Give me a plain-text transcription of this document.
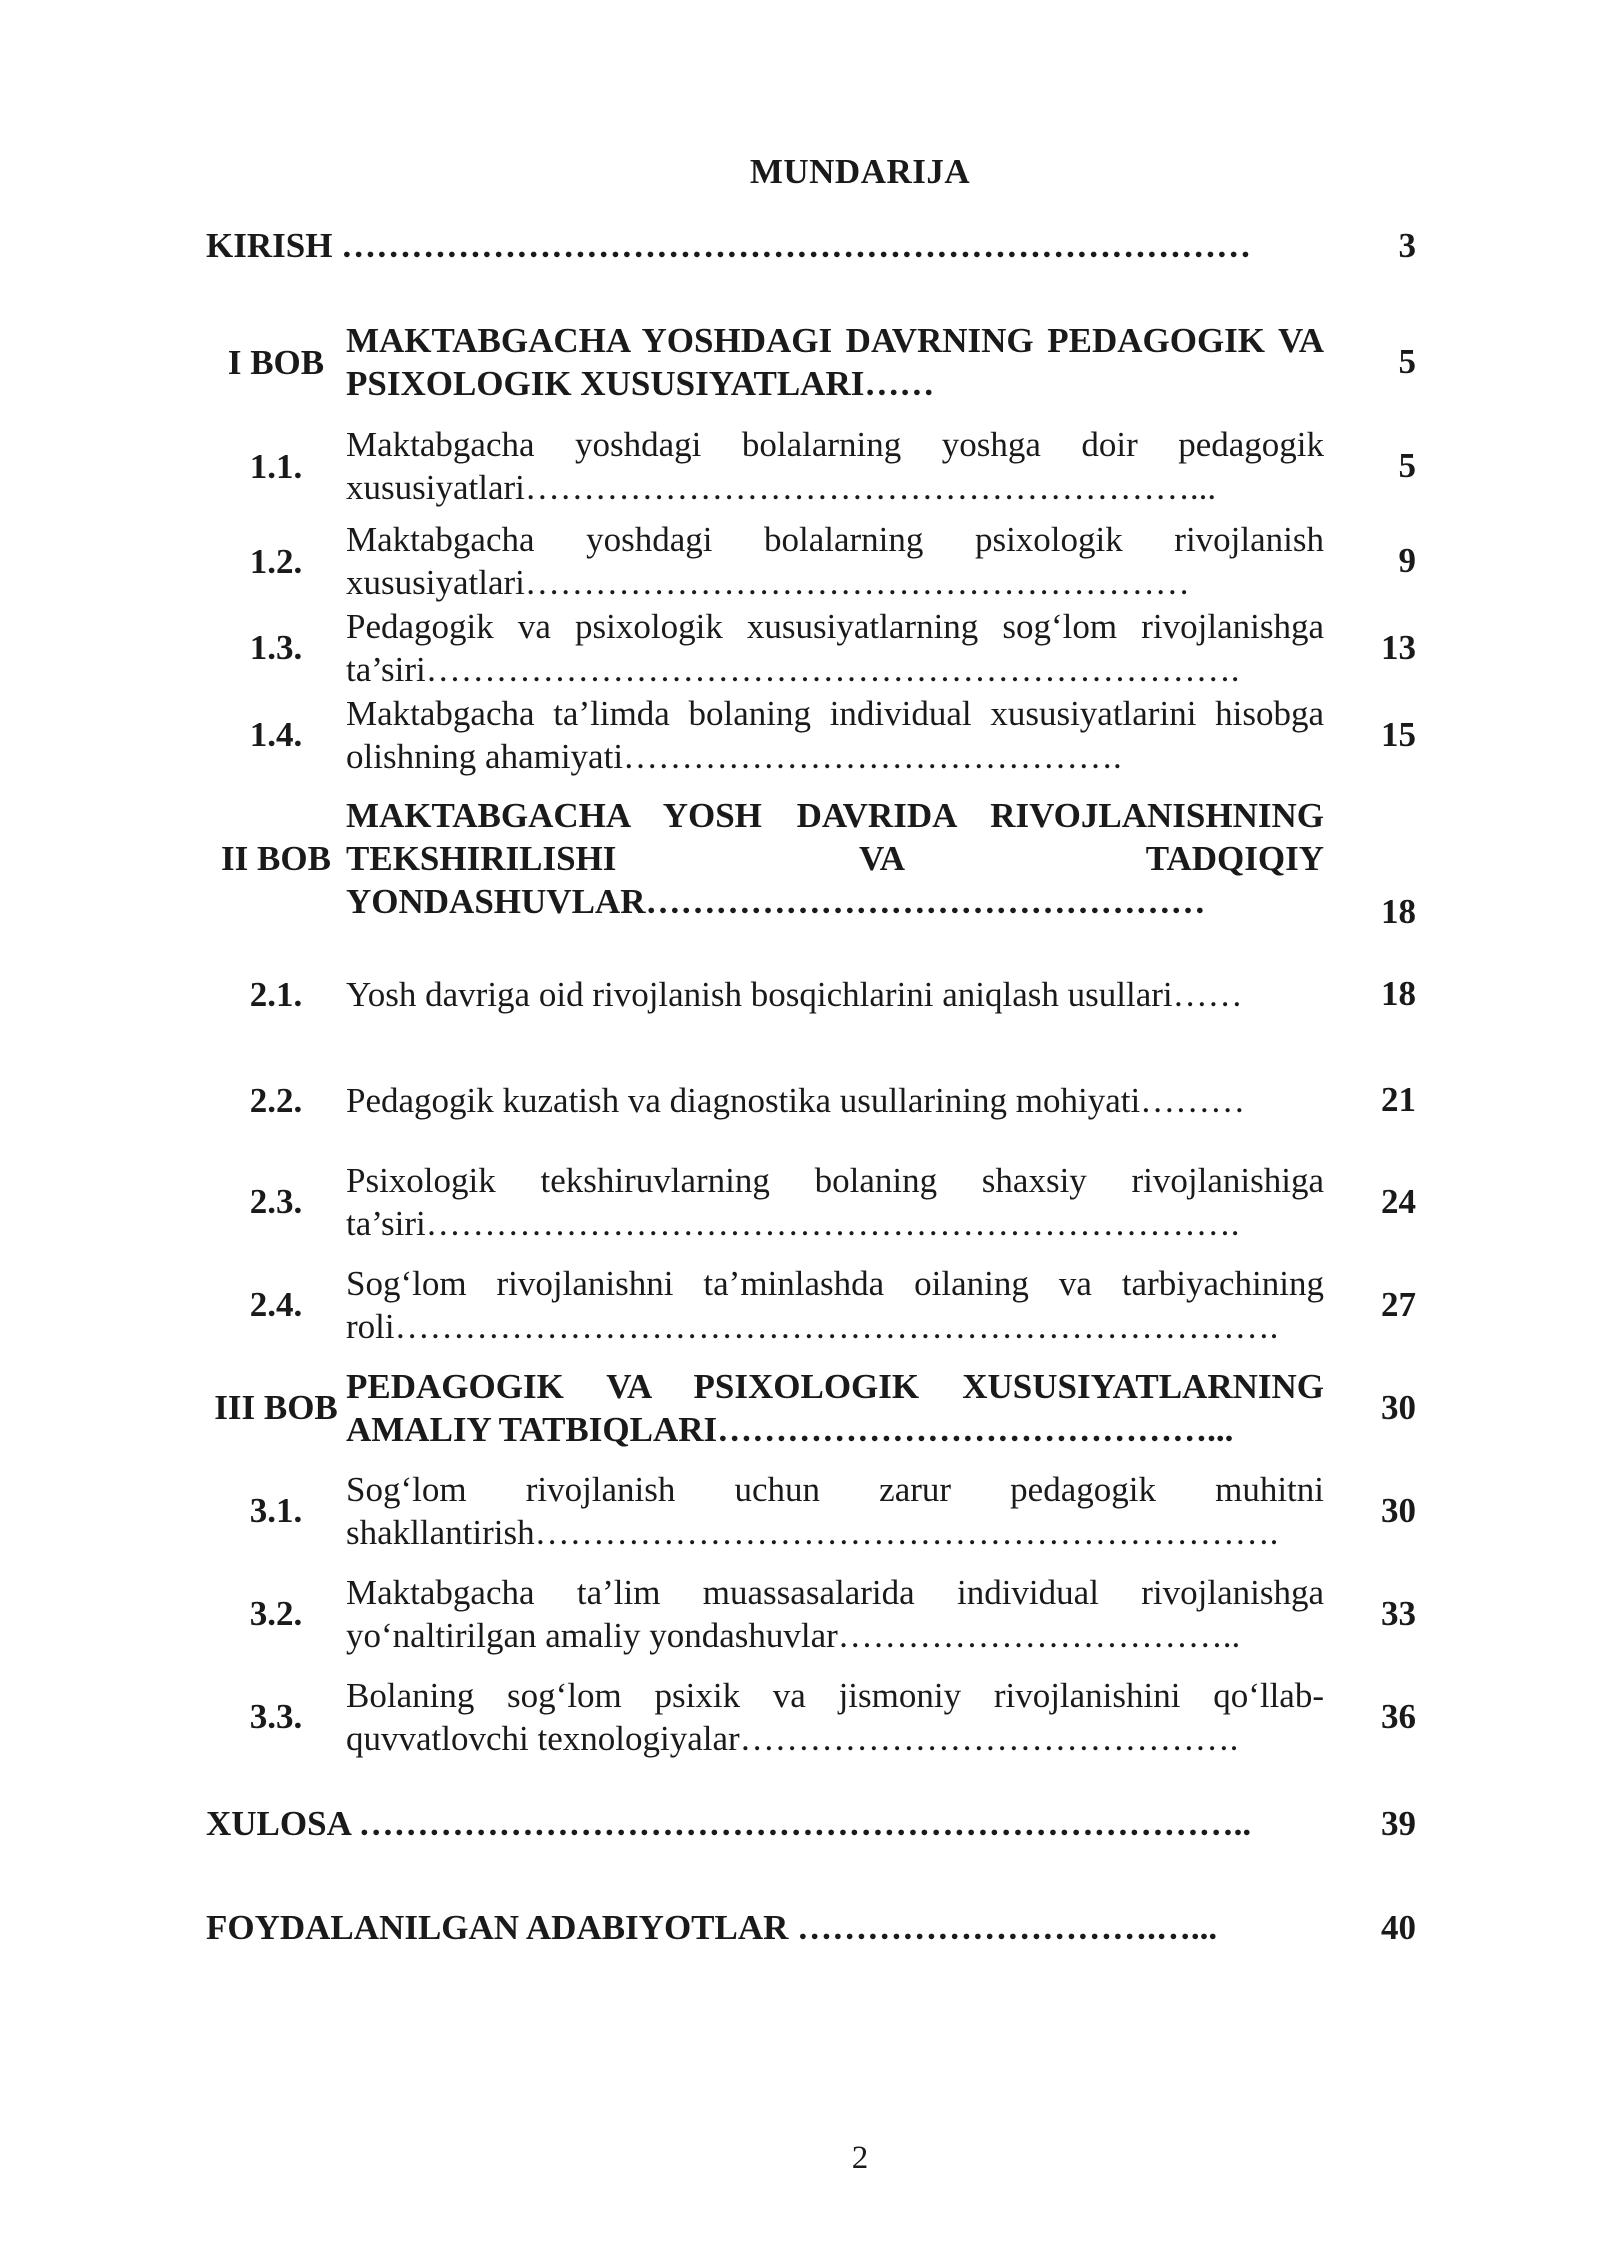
MUNDARIJA
KIRISH ……………………………………………………………………	3
I BOB	MAKTABGACHA YOSHDAGI DAVRNING PEDAGOGIK VA PSIXOLOGIK XUSUSIYATLARI……	5
1.1.	Maktabgacha yoshdagi bolalarning yoshga doir pedagogik xususiyatlari…………………………………………………...	5
1.2.	Maktabgacha yoshdagi bolalarning psixologik rivojlanish xususiyatlari…………………………………………………	9
1.3.	Pedagogik va psixologik xususiyatlarning sog‘lom rivojlanishga ta’siri…………………………………………………………….	13
1.4.	Maktabgacha ta’limda bolaning individual xususiyatlarini hisobga olishning ahamiyati…………………………………….	15
II BOB	MAKTABGACHA YOSH DAVRIDA RIVOJLANISHNING TEKSHIRILISHI VA TADQIQIY YONDASHUVLAR…………………………………………	18
2.1.	Yosh davriga oid rivojlanish bosqichlarini aniqlash usullari……	18
2.2.	Pedagogik kuzatish va diagnostika usullarining mohiyati………	21
2.3.	Psixologik tekshiruvlarning bolaning shaxsiy rivojlanishiga ta’siri…………………………………………………………….	24
2.4.	Sog‘lom rivojlanishni ta’minlashda oilaning va tarbiyachining roli………………………………………………………………….	27
III BOB	PEDAGOGIK VA PSIXOLOGIK XUSUSIYATLARNING AMALIY TATBIQLARI……………………………………...	30
3.1.	Sog‘lom rivojlanish uchun zarur pedagogik muhitni shakllantirish……………………………………………………….	30
3.2.	Maktabgacha ta’lim muassasalarida individual rivojlanishga yo‘naltirilgan amaliy yondashuvlar……………………………..	33
3.3.	Bolaning sog‘lom psixik va jismoniy rivojlanishini qo‘llab-quvvatlovchi texnologiyalar…………………………………….	36
XULOSA …………………………………………………………………..	39
FOYDALANILGAN ADABIYOTLAR ………………………….…...	40
2
